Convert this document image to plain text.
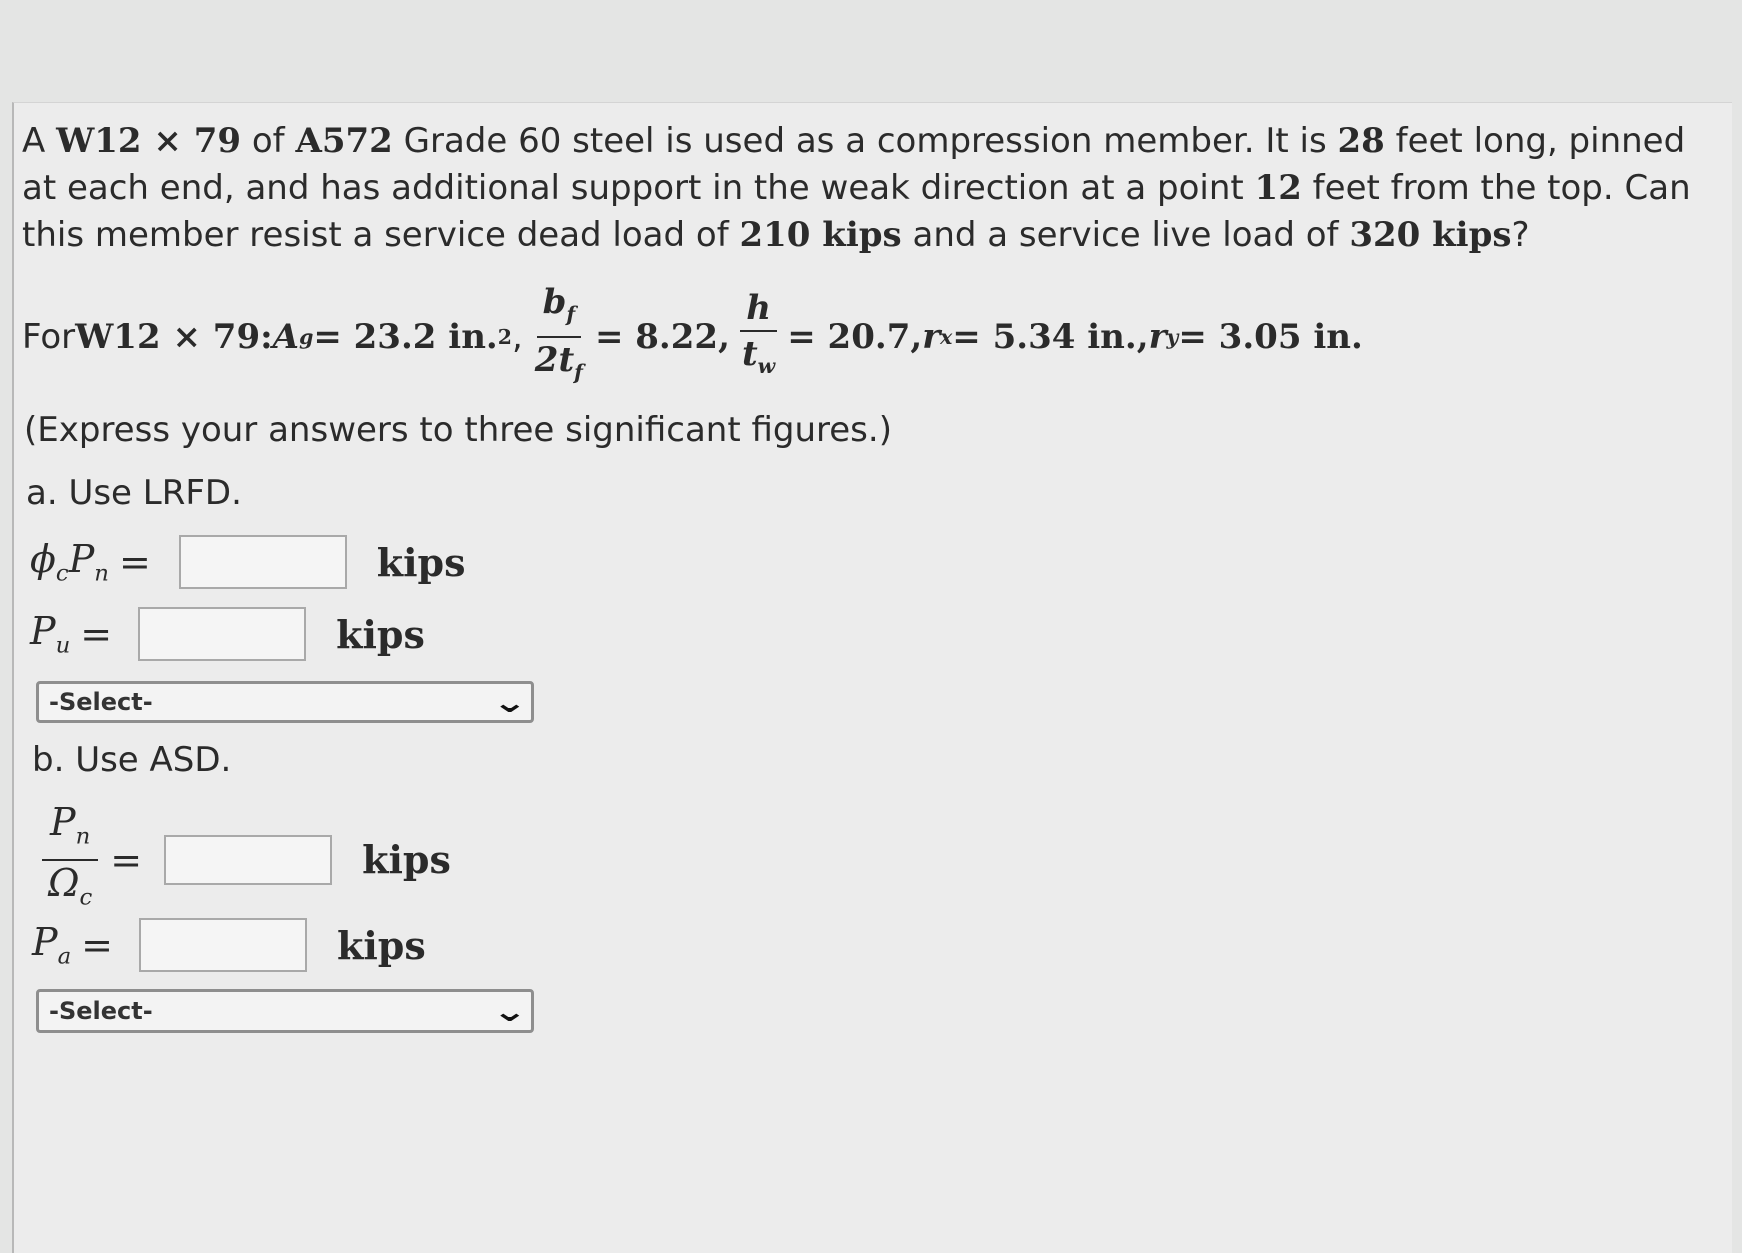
A W12 × 79 of A572 Grade 60 steel is used as a compression member. It is 28 feet long, pinned at each end, and has additional support in the weak direction at a point 12 feet from the top. Can this member resist a service dead load of 210 kips and a service live load of 320 kips?
For W12 × 79 : A g = 23.2 in. 2 , $\frac{b_f}{2t_f} = 8.22$, $\frac{h}{t_w} = 20.7$, r x = 5.34 in., r y = 3.05 in.
(Express your answers to three significant figures.)
a. Use LRFD.
$\phi_cP_n$ =	kips
$P_u$ =	kips
-Select-	⌄
b. Use ASD.
$\frac{P_n}{\Omega_c}$ =	kips
$P_a$ =	kips
-Select-	⌄
